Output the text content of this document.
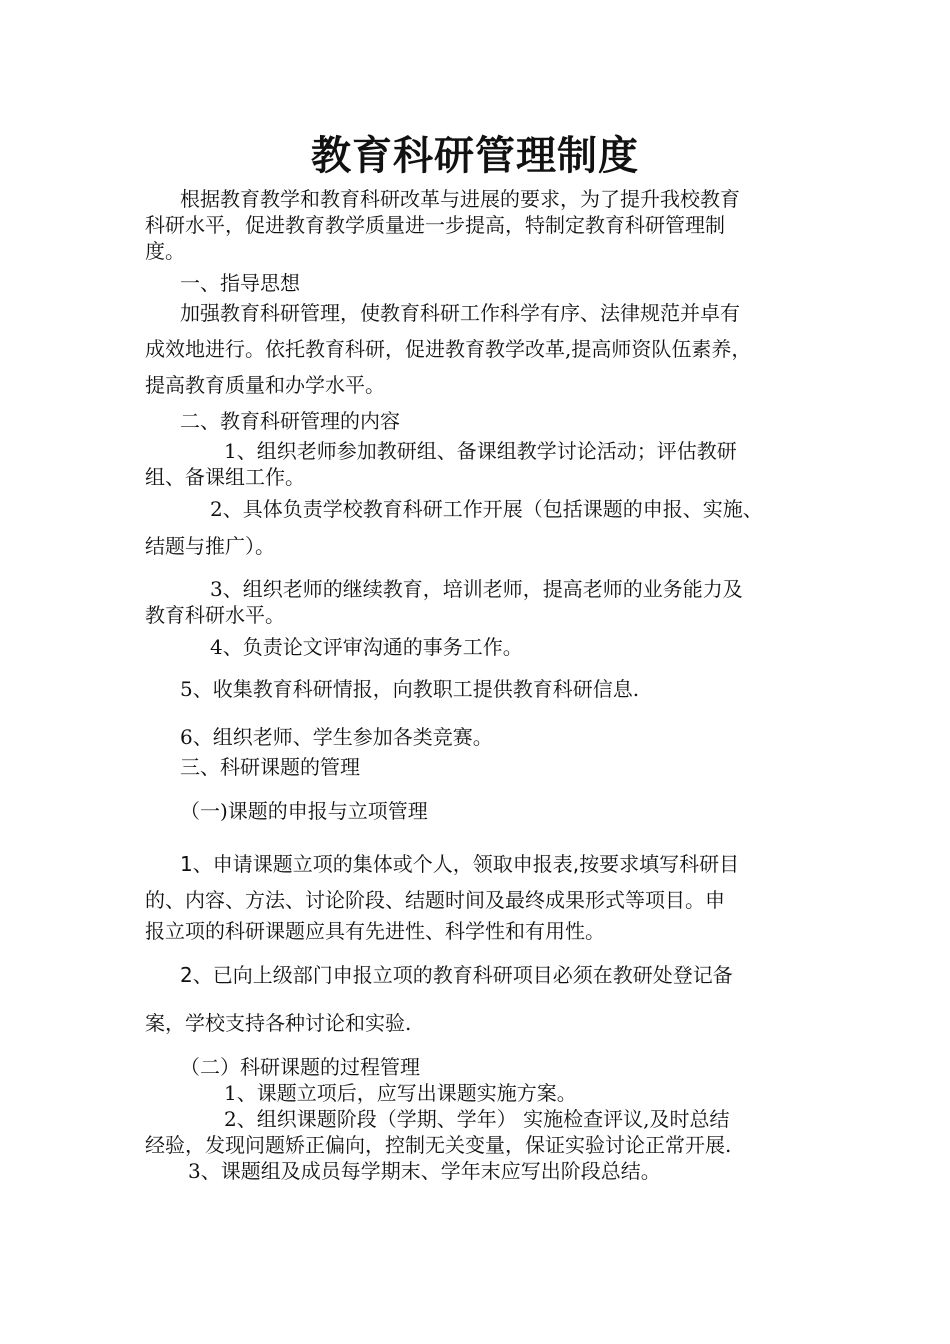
教育科研管理制度
根据教育教学和教育科研改革与进展的要求，为了提升我校教育
科研水平，促进教育教学质量进一步提高，特制定教育科研管理制
度。
一、指导思想
加强教育科研管理，使教育科研工作科学有序、法律规范并卓有
成效地进行。依托教育科研，促进教育教学改革,提高师资队伍素养，
提高教育质量和办学水平。
二、教育科研管理的内容
1、组织老师参加教研组、备课组教学讨论活动；评估教研
组、备课组工作。
2、具体负责学校教育科研工作开展（包括课题的申报、实施、
结题与推广）。
3、组织老师的继续教育，培训老师，提高老师的业务能力及
教育科研水平。
4、负责论文评审沟通的事务工作。
5、收集教育科研情报，向教职工提供教育科研信息.
6、组织老师、学生参加各类竞赛。
三、科研课题的管理
（一)课题的申报与立项管理
1、申请课题立项的集体或个人，领取申报表,按要求填写科研目
的、内容、方法、讨论阶段、结题时间及最终成果形式等项目。申
报立项的科研课题应具有先进性、科学性和有用性。
2、已向上级部门申报立项的教育科研项目必须在教研处登记备
案，学校支持各种讨论和实验.
（二）科研课题的过程管理
1、课题立项后，应写出课题实施方案。
2、组织课题阶段（学期、学年） 实施检查评议,及时总结
经验，发现问题矫正偏向，控制无关变量，保证实验讨论正常开展.
3、课题组及成员每学期末、学年末应写出阶段总结。
